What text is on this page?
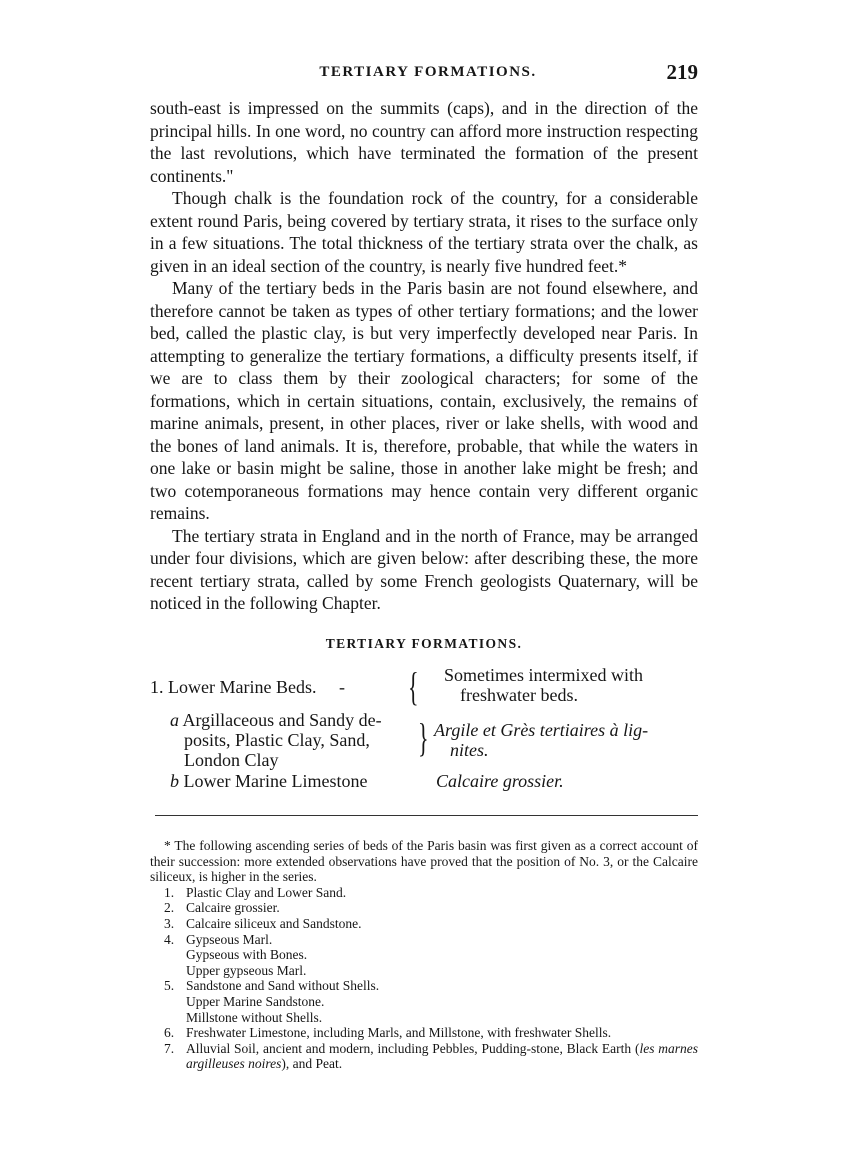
TERTIARY FORMATIONS.	219

south-east is impressed on the summits (caps), and in the direction of the principal hills. In one word, no country can afford more instruction respecting the last revolutions, which have terminated the formation of the present continents."

Though chalk is the foundation rock of the country, for a considerable extent round Paris, being covered by tertiary strata, it rises to the surface only in a few situations. The total thickness of the tertiary strata over the chalk, as given in an ideal section of the country, is nearly five hundred feet.*

Many of the tertiary beds in the Paris basin are not found elsewhere, and therefore cannot be taken as types of other tertiary formations; and the lower bed, called the plastic clay, is but very imperfectly developed near Paris. In attempting to generalize the tertiary formations, a difficulty presents itself, if we are to class them by their zoological characters; for some of the formations, which in certain situations, contain, exclusively, the remains of marine animals, present, in other places, river or lake shells, with wood and the bones of land animals. It is, therefore, probable, that while the waters in one lake or basin might be saline, those in another lake might be fresh; and two cotemporaneous formations may hence contain very different organic remains.

The tertiary strata in England and in the north of France, may be arranged under four divisions, which are given below: after describing these, the more recent tertiary strata, called by some French geologists Quaternary, will be noticed in the following Chapter.

TERTIARY FORMATIONS.
1. Lower Marine Beds. - { Sometimes intermixed with
freshwater beds.
a Argillaceous and Sandy de-
posits, Plastic Clay, Sand,
London Clay	} Argile et Grès tertiaires à lig-
nites.
b Lower Marine Limestone	Calcaire grossier.

* The following ascending series of beds of the Paris basin was first given as a correct account of their succession: more extended observations have proved that the position of No. 3, or the Calcaire siliceux, is higher in the series.

1. Plastic Clay and Lower Sand.
2. Calcaire grossier.
3. Calcaire siliceux and Sandstone.
4. Gypseous Marl.
Gypseous with Bones.
Upper gypseous Marl.
5. Sandstone and Sand without Shells.
Upper Marine Sandstone.
Millstone without Shells.
6. Freshwater Limestone, including Marls, and Millstone, with freshwater Shells.
7. Alluvial Soil, ancient and modern, including Pebbles, Pudding-stone, Black Earth (les marnes argilleuses noires), and Peat.
